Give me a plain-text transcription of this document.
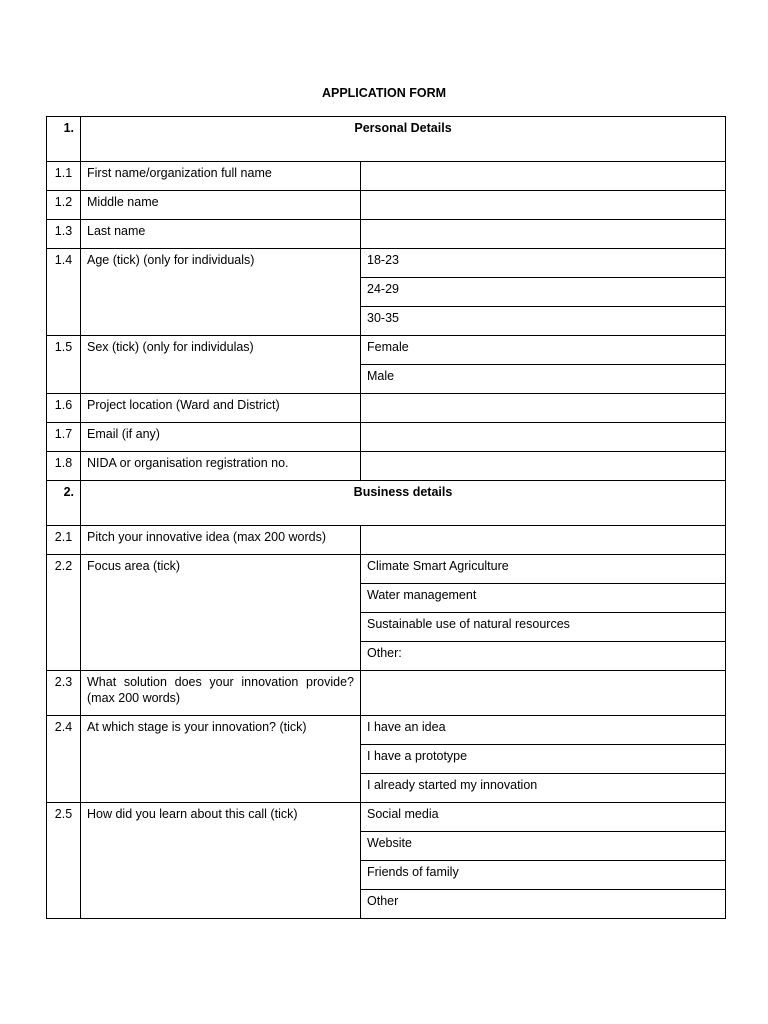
APPLICATION FORM
1.	Personal Details	
1.1	First name/organization full name	
1.2	Middle name	
1.3	Last name	
1.4	Age (tick) (only for individuals)	18-23
		24-29
		30-35
1.5	Sex (tick) (only for individulas)	Female
		Male
1.6	Project location (Ward and District)	
1.7	Email (if any)	
1.8	NIDA or organisation registration no.	
2.	Business details	
2.1	Pitch your innovative idea (max 200 words)	
2.2	Focus area (tick)	Climate Smart Agriculture
		Water management
		Sustainable use of natural resources
		Other:
2.3	What solution does your innovation provide? (max 200 words)	
2.4	At which stage is your innovation? (tick)	I have an idea
		I have a prototype
		I already started my innovation
2.5	How did you learn about this call (tick)	Social media
		Website
		Friends of family
		Other
